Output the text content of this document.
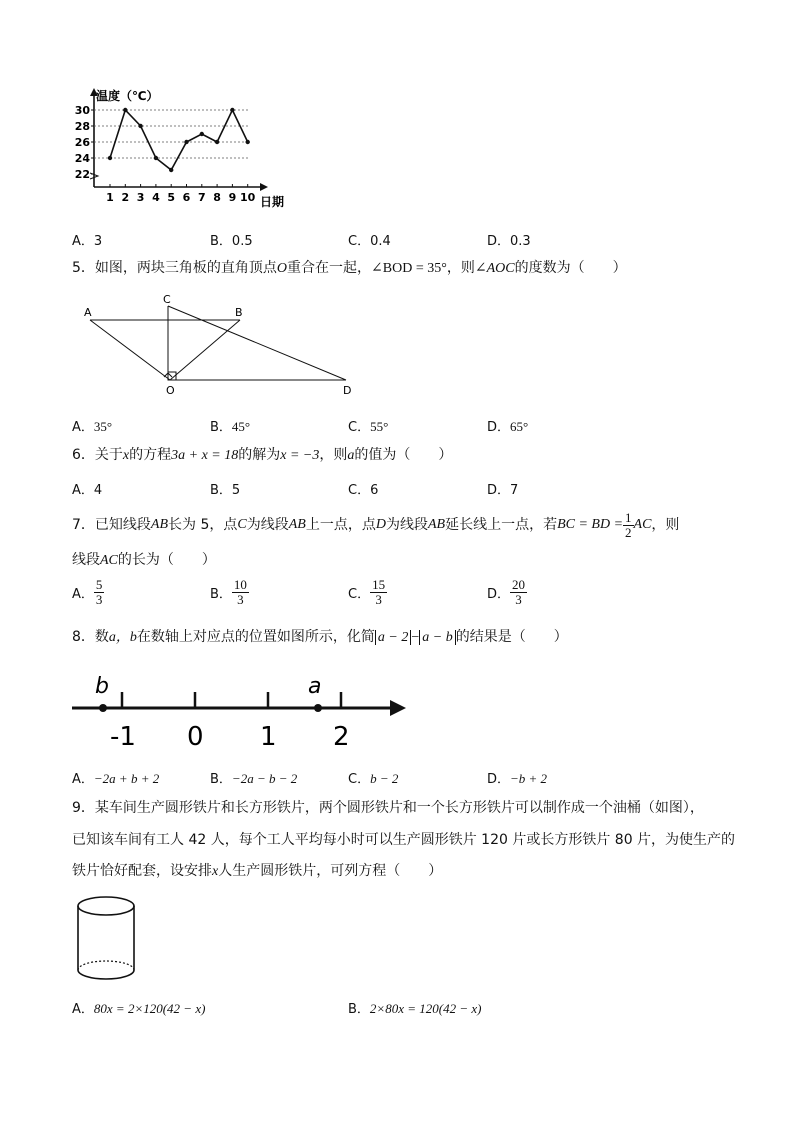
温度（℃）
日期
22
24
26
28
30
1 2 3 4 5 6 7 8 9 10
A．3	B．0.5	C．0.4	D．0.3
5．如图，两块三角板的直角顶点O重合在一起，∠BOD = 35°，则∠AOC的度数为（　　）
A	B
C
O	D
A．35°	B．45°	C．55°	D．65°
6．关于x的方程3a + x = 18的解为x = −3，则a的值为（　　）
A．4	B．5	C．6	D．7
7． 已知线段 AB 长为 5，点 C 为线段 AB 上一点，点 D 为线段 AB 延长线上一点，若 BC = BD = $\frac{1}{2}$ AC ，则
线段AC的长为（　　）
A． $\frac{5}{3}$	B． $\frac{10}{3}$	C． $\frac{15}{3}$	D． $\frac{20}{3}$
8．数a，b在数轴上对应点的位置如图所示，化简 a − 2 − a − b 的结果是（　　）
b	a
-1 0 1 2
A．−2a + b + 2	B．−2a − b − 2	C．b − 2	D．−b + 2
9．某车间生产圆形铁片和长方形铁片，两个圆形铁片和一个长方形铁片可以制作成一个油桶（如图），
已知该车间有工人 42 人，每个工人平均每小时可以生产圆形铁片 120 片或长方形铁片 80 片，为使生产的
铁片恰好配套，设安排x人生产圆形铁片，可列方程（　　）
A．80x = 2×120(42 − x)	B．2×80x = 120(42 − x)
